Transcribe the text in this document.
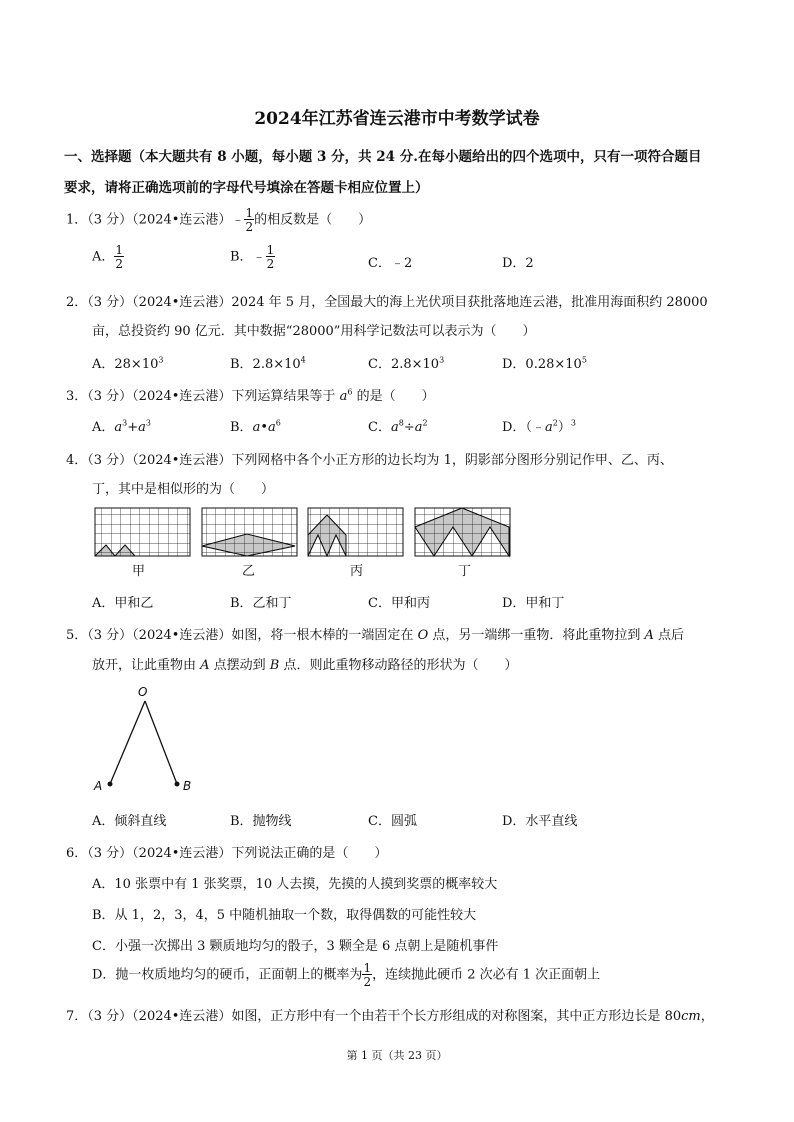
2024年江苏省连云港市中考数学试卷
一、选择题（本大题共有 8 小题，每小题 3 分，共 24 分.在每小题给出的四个选项中，只有一项符合题目
要求，请将正确选项前的字母代号填涂在答题卡相应位置上）
1．（3 分）（2024•连云港）﹣ $\frac{1}{2}$ 的相反数是（　　）
A． $\frac{1}{2}$	B．﹣ $\frac{1}{2}$	C．﹣2	D．2
2．（3 分）（2024•连云港）2024 年 5 月，全国最大的海上光伏项目获批落地连云港，批准用海面积约 28000
亩，总投资约 90 亿元．其中数据“28000”用科学记数法可以表示为（　　）
A．$28\times 10^3$	B．$2.8\times 10^4$	C．$2.8\times 10^3$	D．$0.28\times 10^5$
3．（3 分）（2024•连云港）下列运算结果等于 $a^6$ 的是（　　）
A．$a^3+a^3$	B．$a•a^6$	C．$a^8\div a^2$	D．$(﹣a^2)^3$
4．（3 分）（2024•连云港）下列网格中各个小正方形的边长均为 1，阴影部分图形分别记作甲、乙、丙、
丁，其中是相似形的为（　　）
甲	乙	丙	丁
A．甲和乙	B．乙和丁	C．甲和丙	D．甲和丁
5．（3 分）（2024•连云港）如图，将一根木棒的一端固定在 O 点，另一端绑一重物．将此重物拉到 A 点后
放开，让此重物由 A 点摆动到 B 点．则此重物移动路径的形状为（　　）
O
A	B
A．倾斜直线	B．抛物线	C．圆弧	D．水平直线
6．（3 分）（2024•连云港）下列说法正确的是（　　）
A．10 张票中有 1 张奖票，10 人去摸，先摸的人摸到奖票的概率较大
B．从 1，2，3，4，5 中随机抽取一个数，取得偶数的可能性较大
C．小强一次掷出 3 颗质地均匀的骰子，3 颗全是 6 点朝上是随机事件
D．抛一枚质地均匀的硬币，正面朝上的概率为 $\frac{1}{2}$ ，连续抛此硬币 2 次必有 1 次正面朝上
7．（3 分）（2024•连云港）如图，正方形中有一个由若干个长方形组成的对称图案，其中正方形边长是 80cm，
第 1 页（共 23 页）
